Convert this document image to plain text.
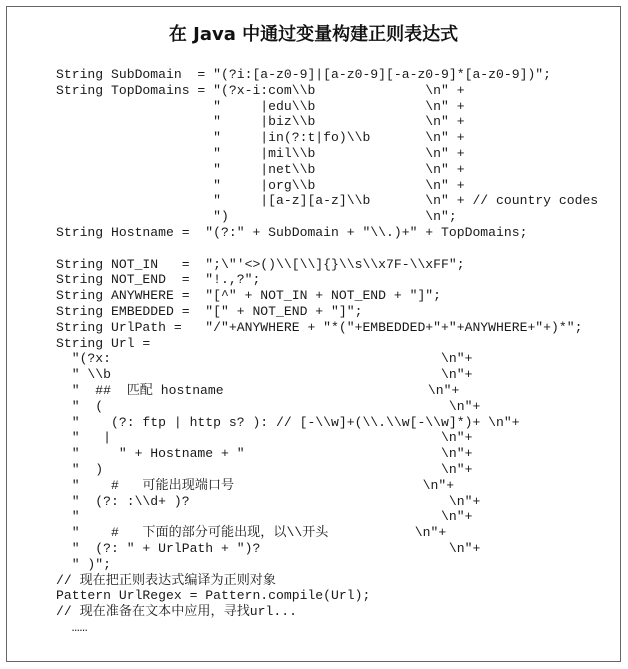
在 Java 中通过变量构建正则表达式
String SubDomain  = "(?i:[a-z0-9]|[a-z0-9][-a-z0-9]*[a-z0-9])";
String TopDomains = "(?x-i:com\\b              \n" +
"     |edu\\b              \n" +
"     |biz\\b              \n" +
"     |in(?:t|fo)\\b       \n" +
"     |mil\\b              \n" +
"     |net\\b              \n" +
"     |org\\b              \n" +
"     |[a-z][a-z]\\b       \n" + // country codes
")                         \n";
String Hostname =  "(?:" + SubDomain + "\\.)+" + TopDomains;
String NOT_IN   =  ";\"'<>()\\[\\]{}\\s\\x7F-\\xFF";
String NOT_END  =  "!.,?";
String ANYWHERE =  "[^" + NOT_IN + NOT_END + "]";
String EMBEDDED =  "[" + NOT_END + "]";
String UrlPath =   "/"+ANYWHERE + "*("+EMBEDDED+"+"+ANYWHERE+"+)*";
String Url =
"(?x:                                          \n"+
" \\b                                          \n"+
"  ##  匹配 hostname                          \n"+
"  (                                            \n"+
"    (?: ftp | http s? ): // [-\\w]+(\\.\\w[-\\w]*)+ \n"+
"   |                                          \n"+
"     " + Hostname + "                         \n"+
"  )                                           \n"+
"    #   可能出现端口号                        \n"+
"  (?: :\\d+ )?                                 \n"+
"                                              \n"+
"    #   下面的部分可能出现，以\\开头           \n"+
"  (?: " + UrlPath + ")?                        \n"+
" )";
// 现在把正则表达式编译为正则对象
Pattern UrlRegex = Pattern.compile(Url);
// 现在准备在文本中应用，寻找url...
……
